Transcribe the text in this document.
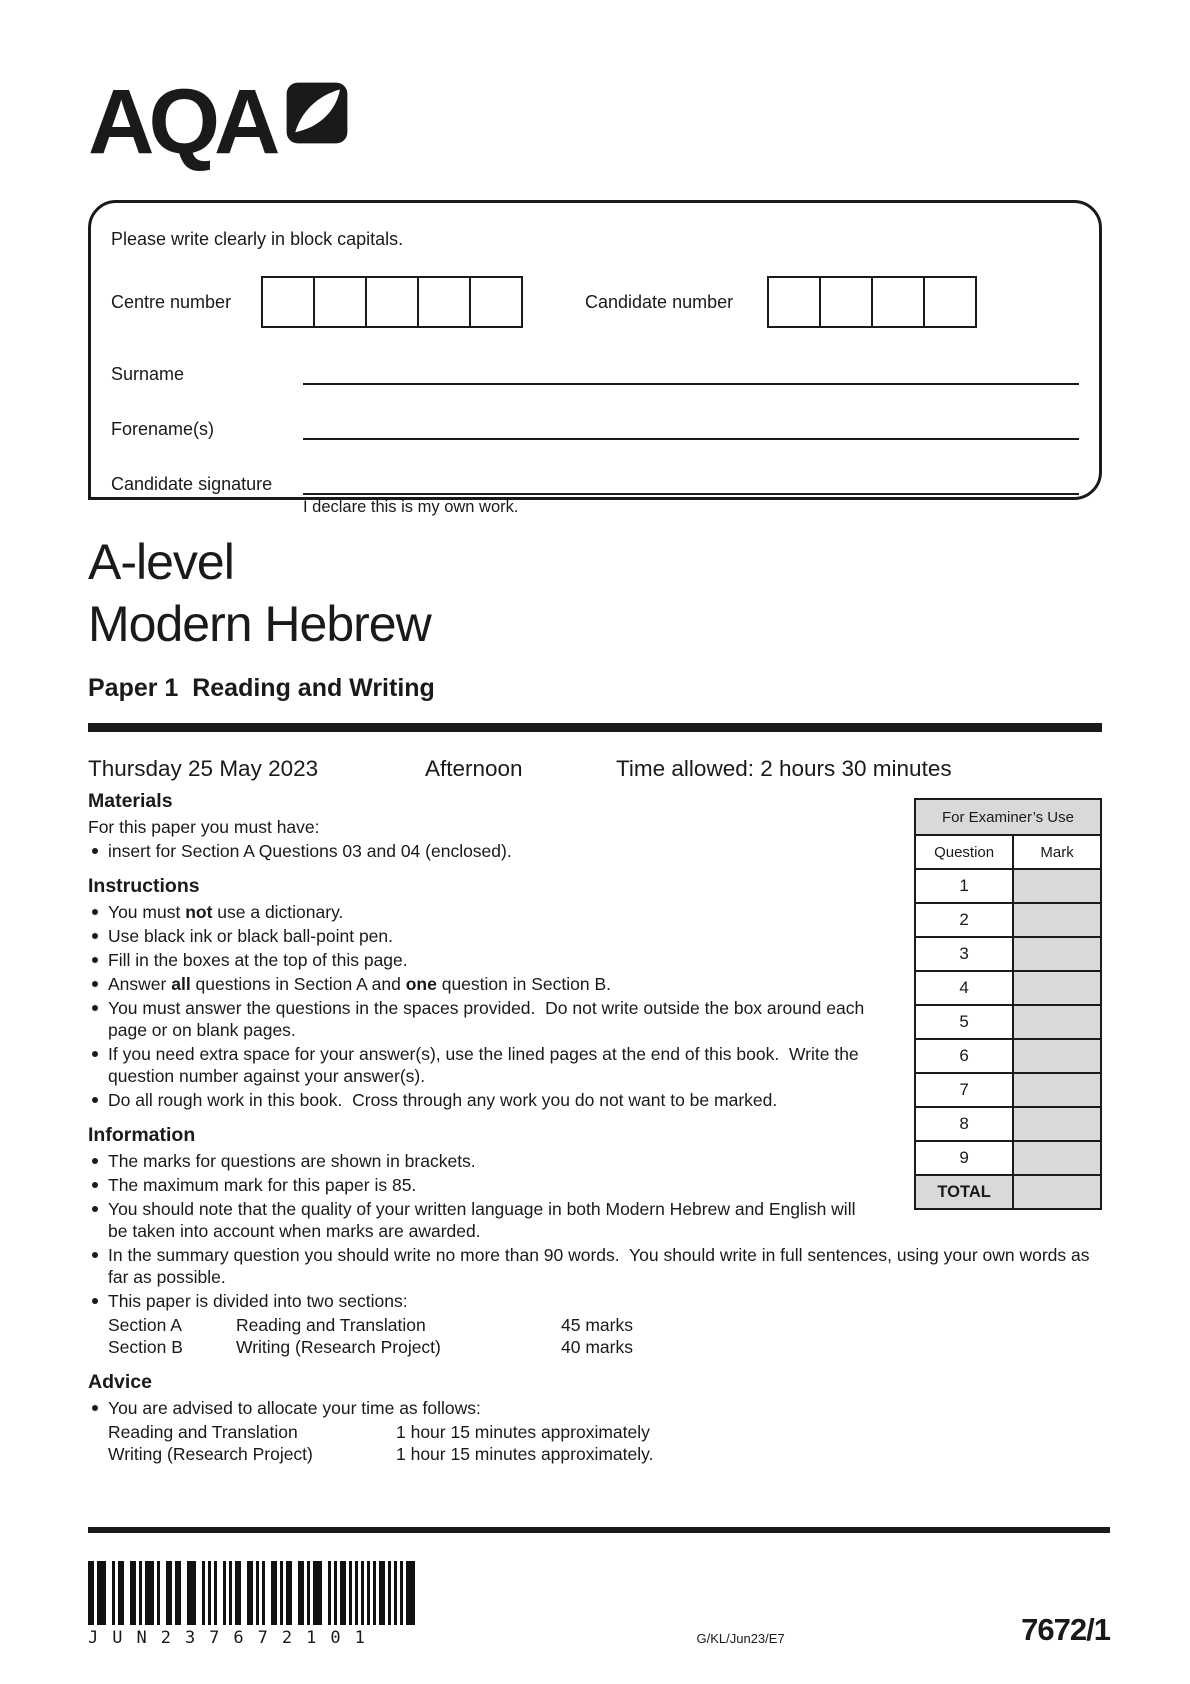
AQA

Please write clearly in block capitals.

Centre number	Candidate number
Surname
Forename(s)
Candidate signature
I declare this is my own work.
A-level
Modern Hebrew
Paper 1  Reading and Writing
Thursday 25 May 2023	Afternoon	Time allowed: 2 hours 30 minutes
For Examiner’s Use	
Question	Mark
1	
2	
3	
4	
5	
6	
7	
8	
9	
TOTAL	
Materials

For this paper you must have:

insert for Section A Questions 03 and 04 (enclosed).
Instructions
You must not use a dictionary.
Use black ink or black ball-point pen.
Fill in the boxes at the top of this page.
Answer all questions in Section A and one question in Section B.
You must answer the questions in the spaces provided.  Do not write outside the box around each page or on blank pages.
If you need extra space for your answer(s), use the lined pages at the end of this book.  Write the question number against your answer(s).
Do all rough work in this book.  Cross through any work you do not want to be marked.
Information
The marks for questions are shown in brackets.
The maximum mark for this paper is 85.
You should note that the quality of your written language in both Modern Hebrew and English will be taken into account when marks are awarded.
In the summary question you should write no more than 90 words.  You should write in full sentences, using your own words as far as possible.
This paper is divided into two sections:
Section A	Reading and Translation	45 marks
Section B	Writing (Research Project)	40 marks
Advice
You are advised to allocate your time as follows:
Reading and Translation	1 hour 15 minutes approximately
Writing (Research Project)	1 hour 15 minutes approximately.
JUN237672101	G/KL/Jun23/E7	7672/1
